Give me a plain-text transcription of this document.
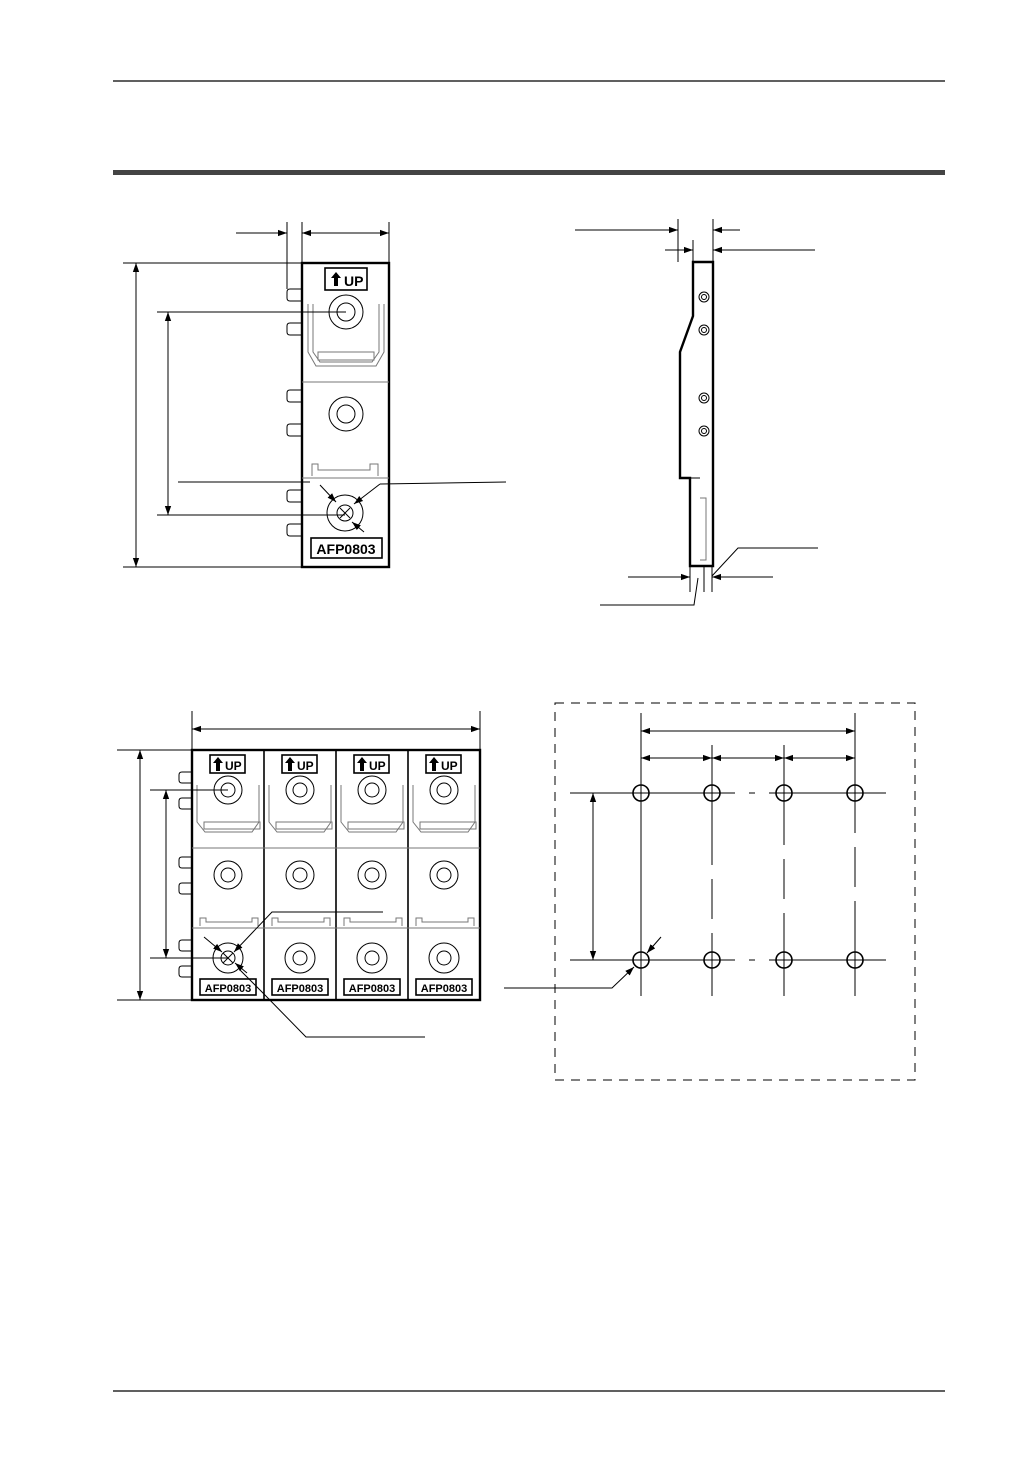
UP
AFP0803
UP
AFP0803
UP
AFP0803
UP
AFP0803
UP
AFP0803
